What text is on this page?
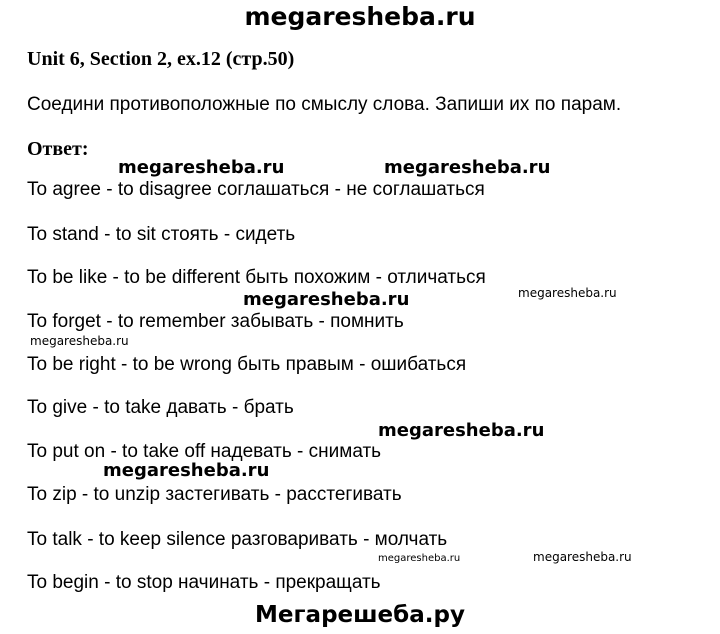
megaresheba.ru
Unit 6, Section 2, ex.12 (стр.50)
Соедини противоположные по смыслу слова. Запиши их по парам.
Ответ:
To agree - to disagree соглашаться - не соглашаться
To stand - to sit стоять - сидеть
To be like - to be different быть похожим - отличаться
To forget - to remember забывать - помнить
To be right - to be wrong быть правым - ошибаться
To give - to take давать - брать
To put on - to take off надевать - снимать
To zip - to unzip застегивать - расстегивать
To talk - to keep silence разговаривать - молчать
To begin - to stop начинать - прекращать
megaresheba.ru	megaresheba.ru
megaresheba.ru	megaresheba.ru
megaresheba.ru
megaresheba.ru
megaresheba.ru
megaresheba.ru	megaresheba.ru
Мегарешеба.ру
